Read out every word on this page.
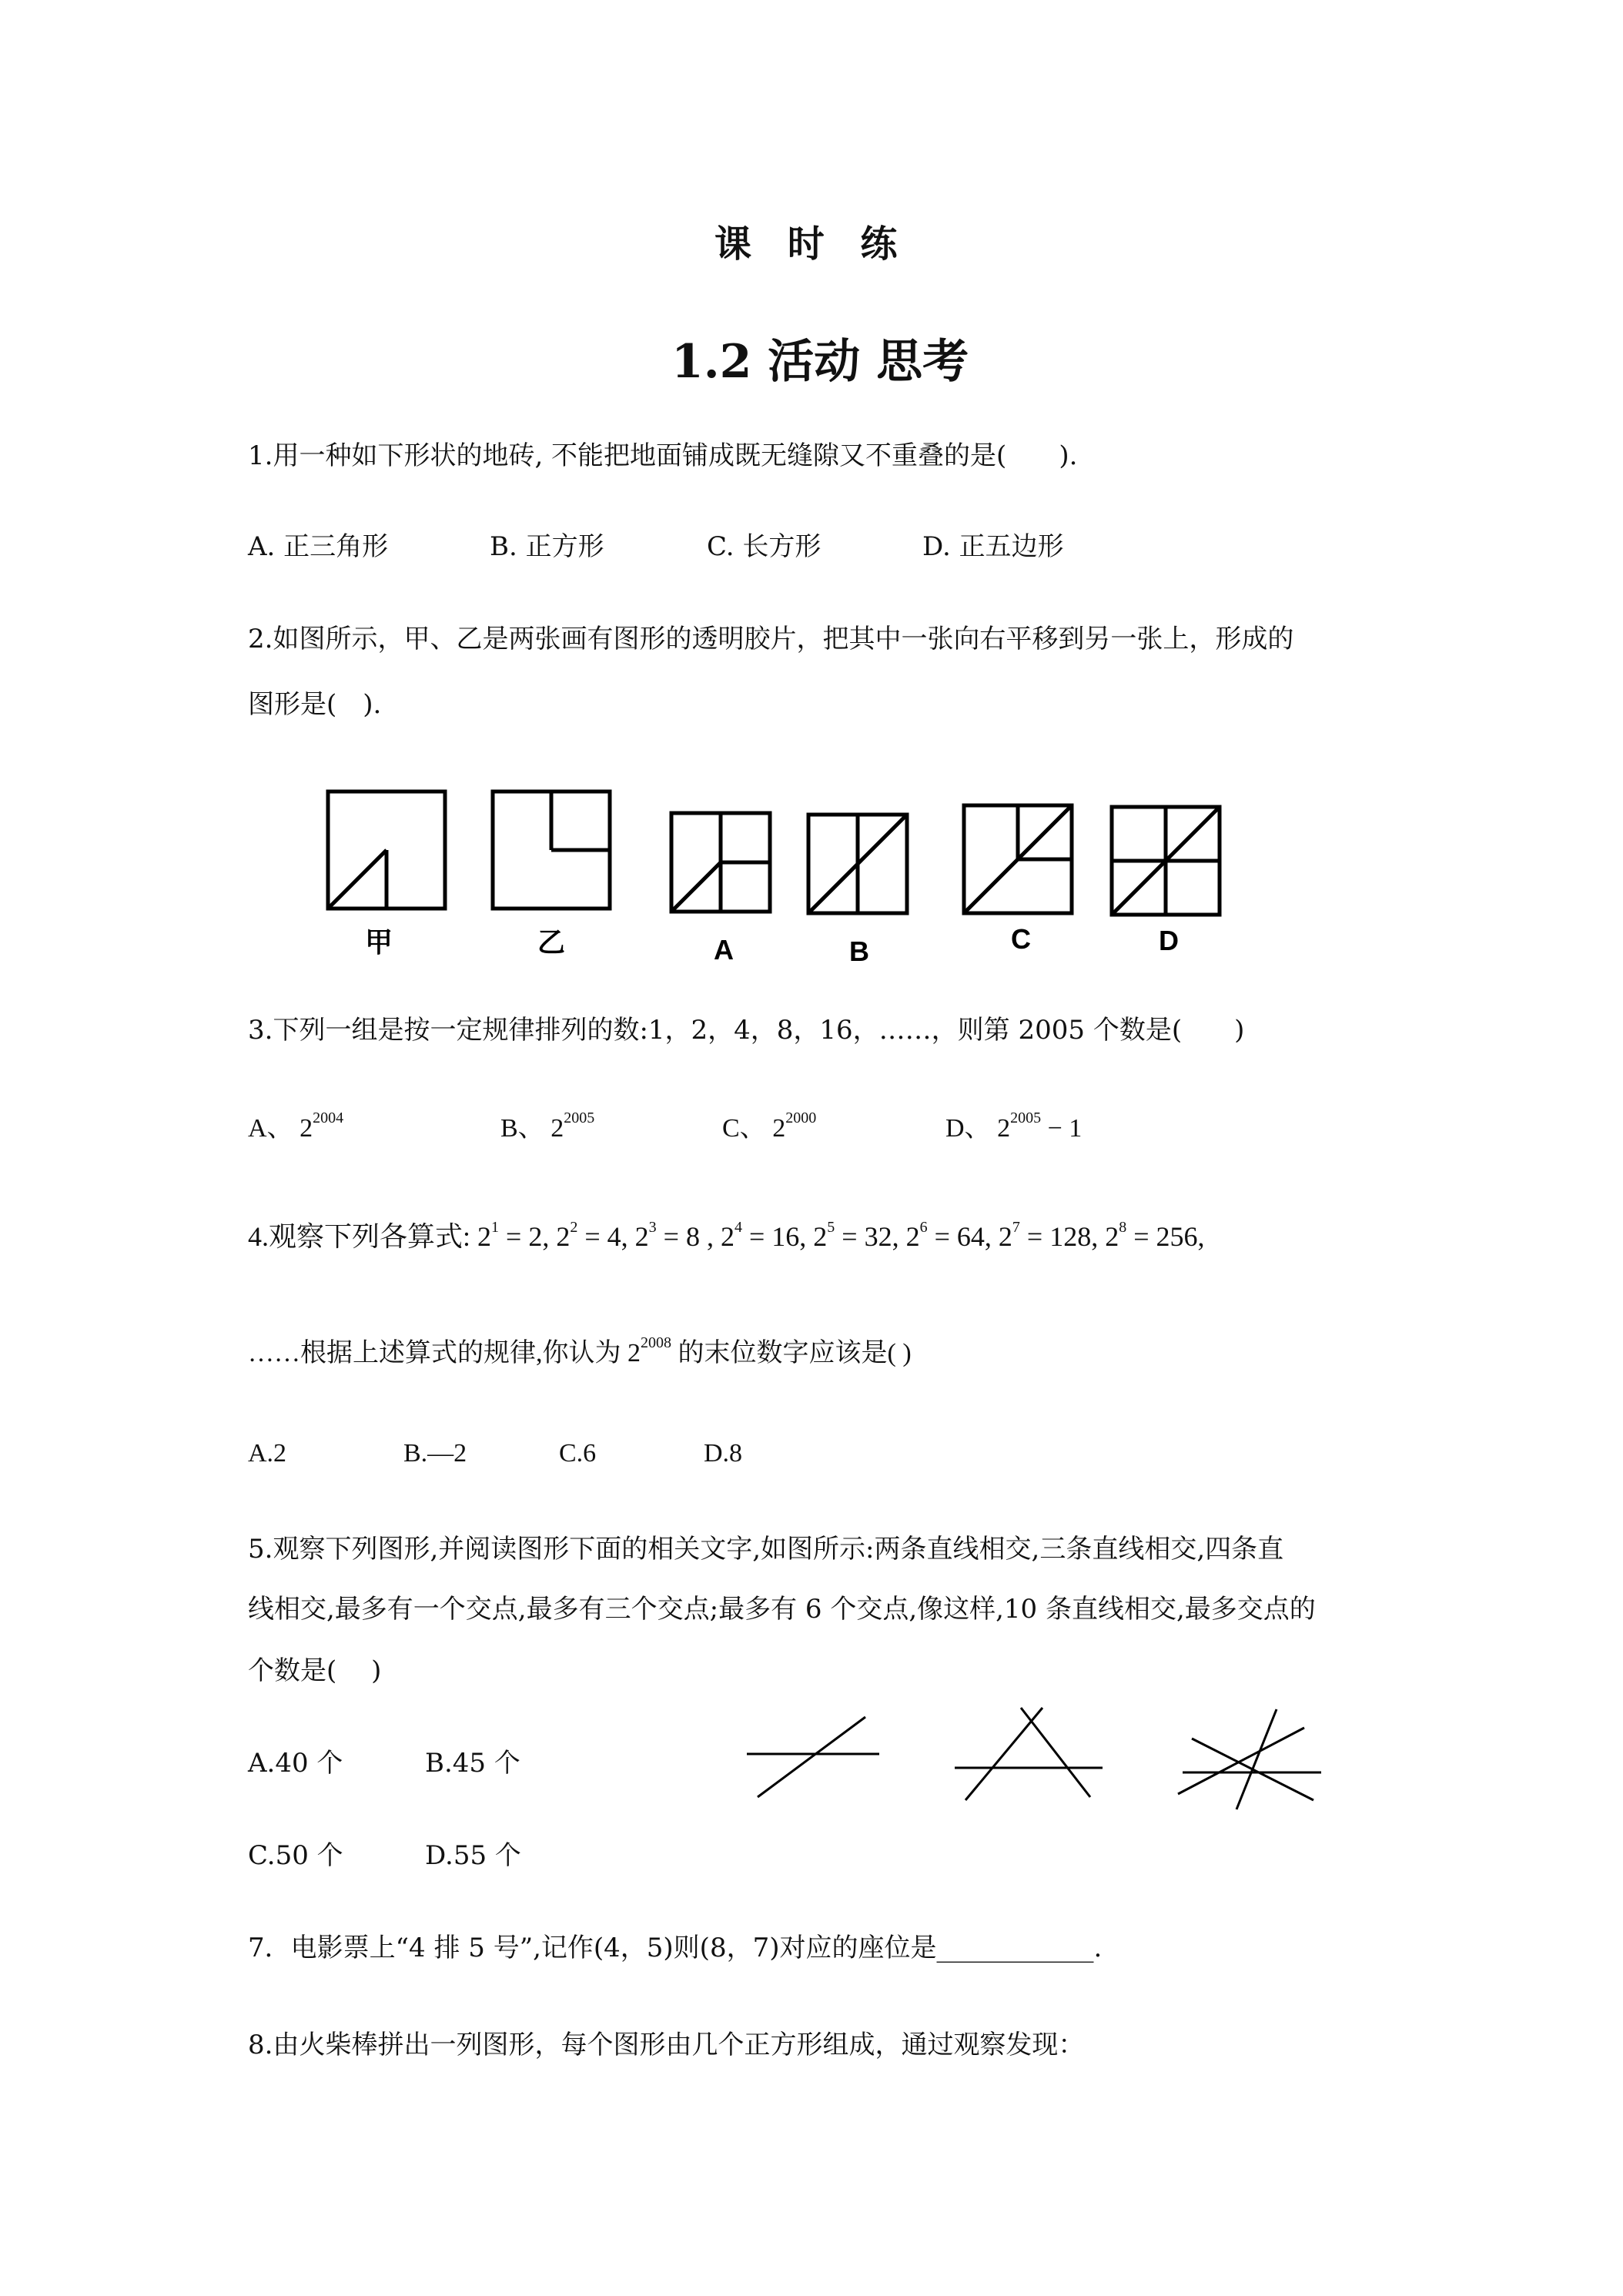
课 时 练
1.2 活动 思考
1.用一种如下形状的地砖, 不能把地面铺成既无缝隙又不重叠的是(　　).
A. 正三角形	B. 正方形	C. 长方形	D. 正五边形
2.如图所示，甲、乙是两张画有图形的透明胶片，把其中一张向右平移到另一张上，形成的
图形是(　).
甲	乙	A	B	C	D
3.下列一组是按一定规律排列的数:1，2，4，8，16，……，则第 2005 个数是(　　)
A、 $2^{2004}$	B、 $2^{2005}$	C、 $2^{2000}$	D、 $2^{2005} - 1$
4.观察下列各算式: $2^1 = 2$, $2^2 = 4$, $2^3 = 8$ , $2^4 = 16$, $2^5 = 32$, $2^6 = 64$, $2^7 = 128$, $2^8 = 256$,
……根据上述算式的规律,你认为 $2^{2008}$ 的末位数字应该是( )
A.2	B.—2	C.6	D.8
5.观察下列图形,并阅读图形下面的相关文字,如图所示:两条直线相交,三条直线相交,四条直
线相交,最多有一个交点,最多有三个交点;最多有 6 个交点,像这样,10 条直线相交,最多交点的
个数是(　 )
A.40 个	B.45 个
C.50 个	D.55 个
7．电影票上“4 排 5 号”,记作(4，5)则(8，7)对应的座位是____________.
8.由火柴棒拼出一列图形，每个图形由几个正方形组成，通过观察发现：
